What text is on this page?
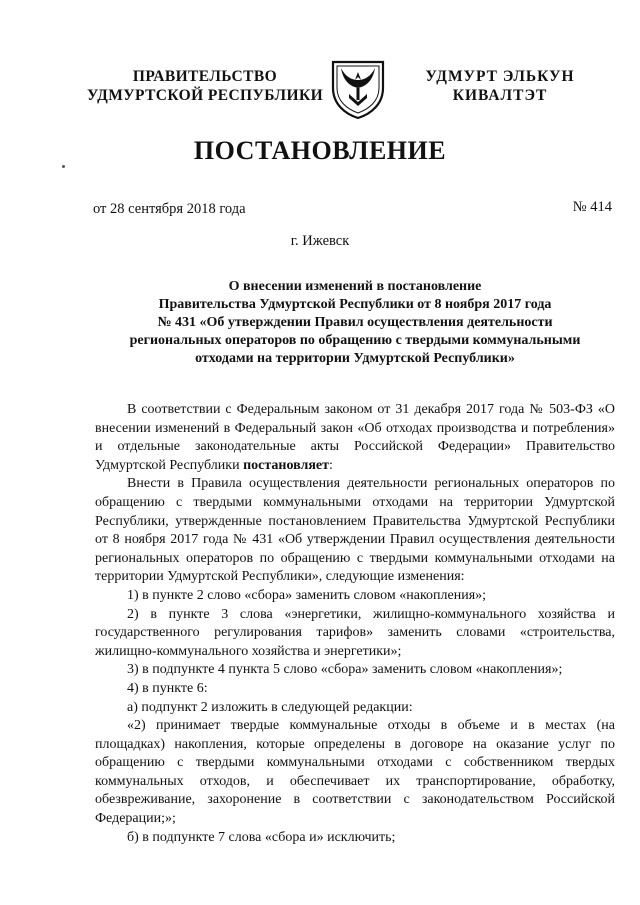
ПРАВИТЕЛЬСТВО
УДМУРТСКОЙ РЕСПУБЛИКИ
УДМУРТ ЭЛЬКУН
КИВАЛТЭТ
ПОСТАНОВЛЕНИЕ
от 28 сентября 2018 года	№ 414
г. Ижевск
О внесении изменений в постановление
Правительства Удмуртской Республики от 8 ноября 2017 года
№ 431 «Об утверждении Правил осуществления деятельности
региональных операторов по обращению с твердыми коммунальными
отходами на территории Удмуртской Республики»

В соответствии с Федеральным законом от 31 декабря 2017 года № 503-ФЗ «О внесении изменений в Федеральный закон «Об отходах производства и потребления» и отдельные законодательные акты Российской Федерации» Правительство Удмуртской Республики постановляет:

Внести в Правила осуществления деятельности региональных операторов по обращению с твердыми коммунальными отходами на территории Удмуртской Республики, утвержденные постановлением Правительства Удмуртской Республики от 8 ноября 2017 года № 431 «Об утверждении Правил осуществления деятельности региональных операторов по обращению с твердыми коммунальными отходами на территории Удмуртской Республики», следующие изменения:

1) в пункте 2 слово «сбора» заменить словом «накопления»;

2) в пункте 3 слова «энергетики, жилищно-коммунального хозяйства и государственного регулирования тарифов» заменить словами «строительства, жилищно-коммунального хозяйства и энергетики»;

3) в подпункте 4 пункта 5 слово «сбора» заменить словом «накопления»;

4) в пункте 6:

а) подпункт 2 изложить в следующей редакции:

«2) принимает твердые коммунальные отходы в объеме и в местах (на площадках) накопления, которые определены в договоре на оказание услуг по обращению с твердыми коммунальными отходами с собственником твердых коммунальных отходов, и обеспечивает их транспортирование, обработку, обезвреживание, захоронение в соответствии с законодательством Российской Федерации;»;

б) в подпункте 7 слова «сбора и» исключить;
